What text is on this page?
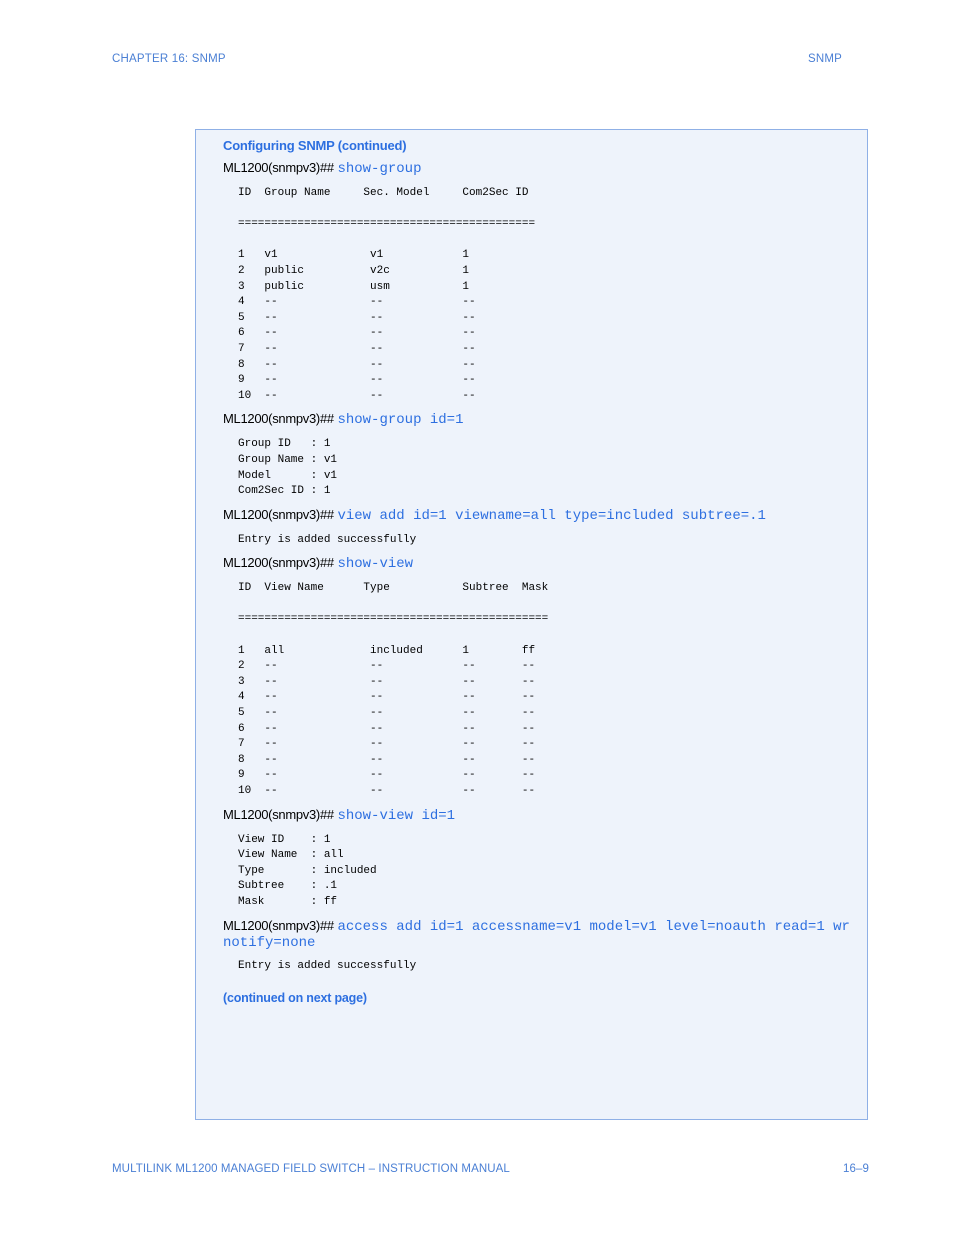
CHAPTER 16: SNMP	SNMP
Configuring SNMP (continued)
ML1200(snmpv3)## show-group
ID  Group Name     Sec. Model     Com2Sec ID

=============================================

1   v1              v1            1
2   public          v2c           1
3   public          usm           1
4   --              --            --
5   --              --            --
6   --              --            --
7   --              --            --
8   --              --            --
9   --              --            --
10  --              --            --
ML1200(snmpv3)## show-group id=1
Group ID   : 1
Group Name : v1
Model      : v1
Com2Sec ID : 1
ML1200(snmpv3)## view add id=1 viewname=all type=included subtree=.1
Entry is added successfully
ML1200(snmpv3)## show-view
ID  View Name      Type           Subtree  Mask

===============================================

1   all             included      1        ff
2   --              --            --       --
3   --              --            --       --
4   --              --            --       --
5   --              --            --       --
6   --              --            --       --
7   --              --            --       --
8   --              --            --       --
9   --              --            --       --
10  --              --            --       --
ML1200(snmpv3)## show-view id=1
View ID    : 1
View Name  : all
Type       : included
Subtree    : .1
Mask       : ff
ML1200(snmpv3)## access add id=1 accessname=v1 model=v1 level=noauth read=1 wr
notify=none
Entry is added successfully
(continued on next page)
MULTILINK ML1200 MANAGED FIELD SWITCH – INSTRUCTION MANUAL	16–9
